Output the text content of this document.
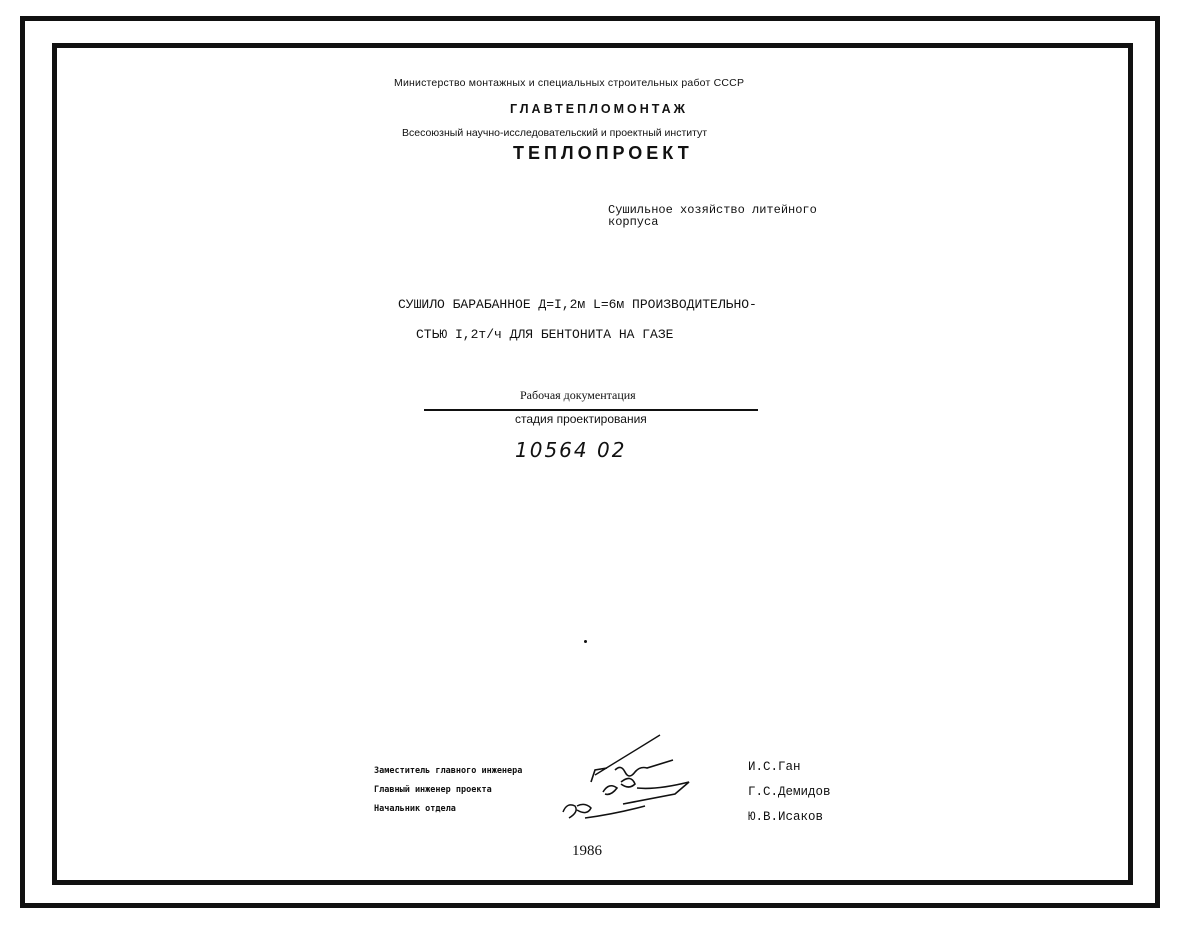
Министерство монтажных и специальных строительных работ СССР
ГЛАВТЕПЛОМОНТАЖ
Всесоюзный научно-исследовательский и проектный институт
ТЕПЛОПРОЕКТ
Сушильное хозяйство литейного
корпуса
СУШИЛО БАРАБАННОЕ Д=I,2м L=6м ПРОИЗВОДИТЕЛЬНО-
СТЬЮ I,2т/ч ДЛЯ БЕНТОНИТА НА ГАЗЕ
Рабочая документация
стадия проектирования
10564 02
Заместитель главного инженера
Главный инженер проекта
Начальник отдела
И.С.Ган
Г.С.Демидов
Ю.В.Исаков
1986
